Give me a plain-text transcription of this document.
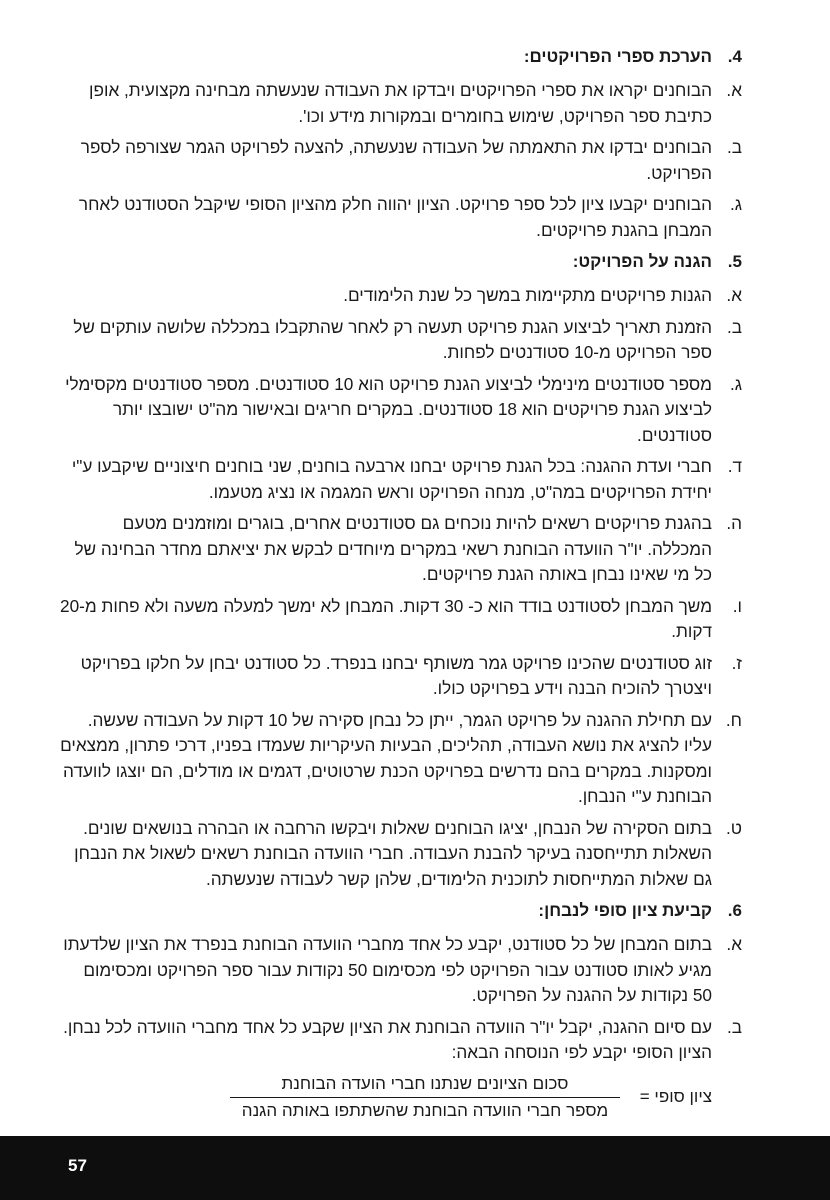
4.
הערכת ספרי הפרויקטים:
א.
הבוחנים יקראו את ספרי הפרויקטים ויבדקו את העבודה שנעשתה מבחינה מקצועית, אופן כתיבת ספר הפרויקט, שימוש בחומרים ובמקורות מידע וכו'.
ב.
הבוחנים יבדקו את התאמתה של העבודה שנעשתה, להצעה לפרויקט הגמר שצורפה לספר הפרויקט.
ג.
הבוחנים יקבעו ציון לכל ספר פרויקט. הציון יהווה חלק מהציון הסופי שיקבל הסטודנט לאחר המבחן בהגנת פרויקטים.
5.
הגנה על הפרויקט:
א.
הגנות פרויקטים מתקיימות במשך כל שנת הלימודים.
ב.
הזמנת תאריך לביצוע הגנת פרויקט תעשה רק לאחר שהתקבלו במכללה שלושה עותקים של ספר הפרויקט מ-10 סטודנטים לפחות.
ג.
מספר סטודנטים מינימלי לביצוע הגנת פרויקט הוא 10 סטודנטים. מספר סטודנטים מקסימלי לביצוע הגנת פרויקטים הוא 18 סטודנטים. במקרים חריגים ובאישור מה"ט ישובצו יותר סטודנטים.
ד.
חברי ועדת ההגנה: בכל הגנת פרויקט יבחנו ארבעה בוחנים, שני בוחנים חיצוניים שיקבעו ע"י יחידת הפרויקטים במה"ט, מנחה הפרויקט וראש המגמה או נציג מטעמו.
ה.
בהגנת פרויקטים רשאים להיות נוכחים גם סטודנטים אחרים, בוגרים ומוזמנים מטעם המכללה. יו"ר הוועדה הבוחנת רשאי במקרים מיוחדים לבקש את יציאתם מחדר הבחינה של כל מי שאינו נבחן באותה הגנת פרויקטים.
ו.
משך המבחן לסטודנט בודד הוא כ- 30 דקות. המבחן לא ימשך למעלה משעה ולא פחות מ-20 דקות.
ז.
זוג סטודנטים שהכינו פרויקט גמר משותף יבחנו בנפרד. כל סטודנט יבחן על חלקו בפרויקט ויצטרך להוכיח הבנה וידע בפרויקט כולו.
ח.
עם תחילת ההגנה על פרויקט הגמר, ייתן כל נבחן סקירה של 10 דקות על העבודה שעשה. עליו להציג את נושא העבודה, תהליכים, הבעיות העיקריות שעמדו בפניו, דרכי פתרון, ממצאים ומסקנות. במקרים בהם נדרשים בפרויקט הכנת שרטוטים, דגמים או מודלים, הם יוצגו לוועדה הבוחנת ע"י הנבחן.
ט.
בתום הסקירה של הנבחן, יציגו הבוחנים שאלות ויבקשו הרחבה או הבהרה בנושאים שונים. השאלות תתייחסנה בעיקר להבנת העבודה. חברי הוועדה הבוחנת רשאים לשאול את הנבחן גם שאלות המתייחסות לתוכנית הלימודים, שלהן קשר לעבודה שנעשתה.
6.
קביעת ציון סופי לנבחן:
א.
בתום המבחן של כל סטודנט, יקבע כל אחד מחברי הוועדה הבוחנת בנפרד את הציון שלדעתו מגיע לאותו סטודנט עבור הפרויקט לפי מכסימום 50 נקודות עבור ספר הפרויקט ומכסימום 50 נקודות על ההגנה על הפרויקט.
ב.
עם סיום ההגנה, יקבל יו"ר הוועדה הבוחנת את הציון שקבע כל אחד מחברי הוועדה לכל נבחן. הציון הסופי יקבע לפי הנוסחה הבאה:
ציון סופי =
$\frac{\text{סכום הציונים שנתנו חברי הועדה הבוחנת}}{\text{מספר חברי הוועדה הבוחנת שהשתתפו באותה הגנה}}$
57
